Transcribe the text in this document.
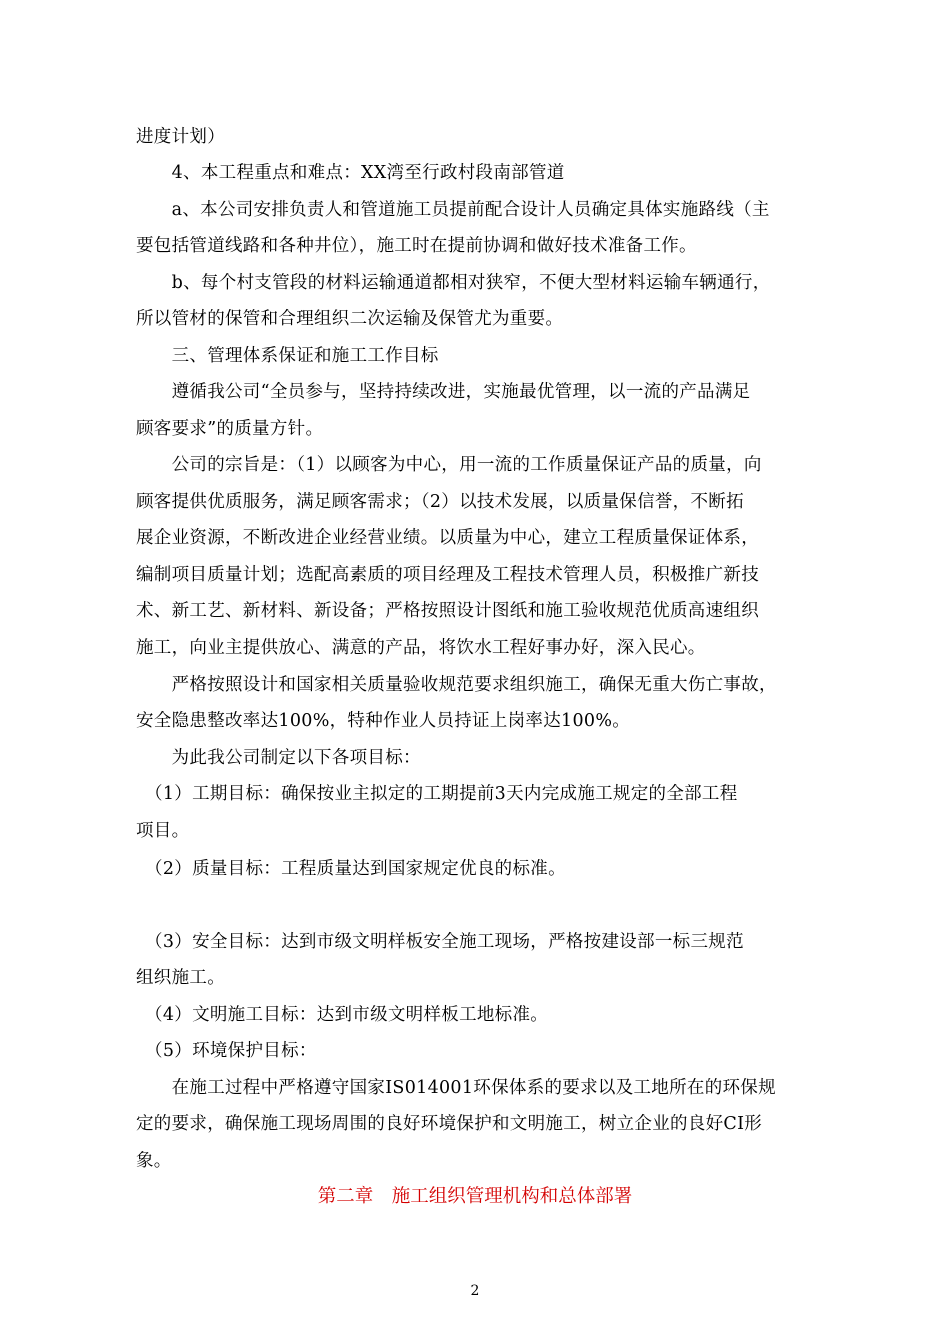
进度计划）
　　4、本工程重点和难点：XX湾至行政村段南部管道
　　a、本公司安排负责人和管道施工员提前配合设计人员确定具体实施路线（主
要包括管道线路和各种井位），施工时在提前协调和做好技术准备工作。
　　b、每个村支管段的材料运输通道都相对狭窄，不便大型材料运输车辆通行，
所以管材的保管和合理组织二次运输及保管尤为重要。
　　三、管理体系保证和施工工作目标
　　遵循我公司“全员参与，坚持持续改进，实施最优管理，以一流的产品满足
顾客要求”的质量方针。
　　公司的宗旨是：（1）以顾客为中心，用一流的工作质量保证产品的质量，向
顾客提供优质服务，满足顾客需求；（2）以技术发展，以质量保信誉，不断拓
展企业资源，不断改进企业经营业绩。以质量为中心，建立工程质量保证体系，
编制项目质量计划；选配高素质的项目经理及工程技术管理人员，积极推广新技
术、新工艺、新材料、新设备；严格按照设计图纸和施工验收规范优质高速组织
施工，向业主提供放心、满意的产品，将饮水工程好事办好，深入民心。
　　严格按照设计和国家相关质量验收规范要求组织施工，确保无重大伤亡事故，
安全隐患整改率达100%，特种作业人员持证上岗率达100%。
　　为此我公司制定以下各项目标：
　（1）工期目标：确保按业主拟定的工期提前3天内完成施工规定的全部工程
项目。
　（2）质量目标：工程质量达到国家规定优良的标准。
　（3）安全目标：达到市级文明样板安全施工现场，严格按建设部一标三规范
组织施工。
　（4）文明施工目标：达到市级文明样板工地标准。
　（5）环境保护目标：
　　在施工过程中严格遵守国家IS014001环保体系的要求以及工地所在的环保规
定的要求，确保施工现场周围的良好环境保护和文明施工，树立企业的良好CI形
象。
第二章　施工组织管理机构和总体部署
2
